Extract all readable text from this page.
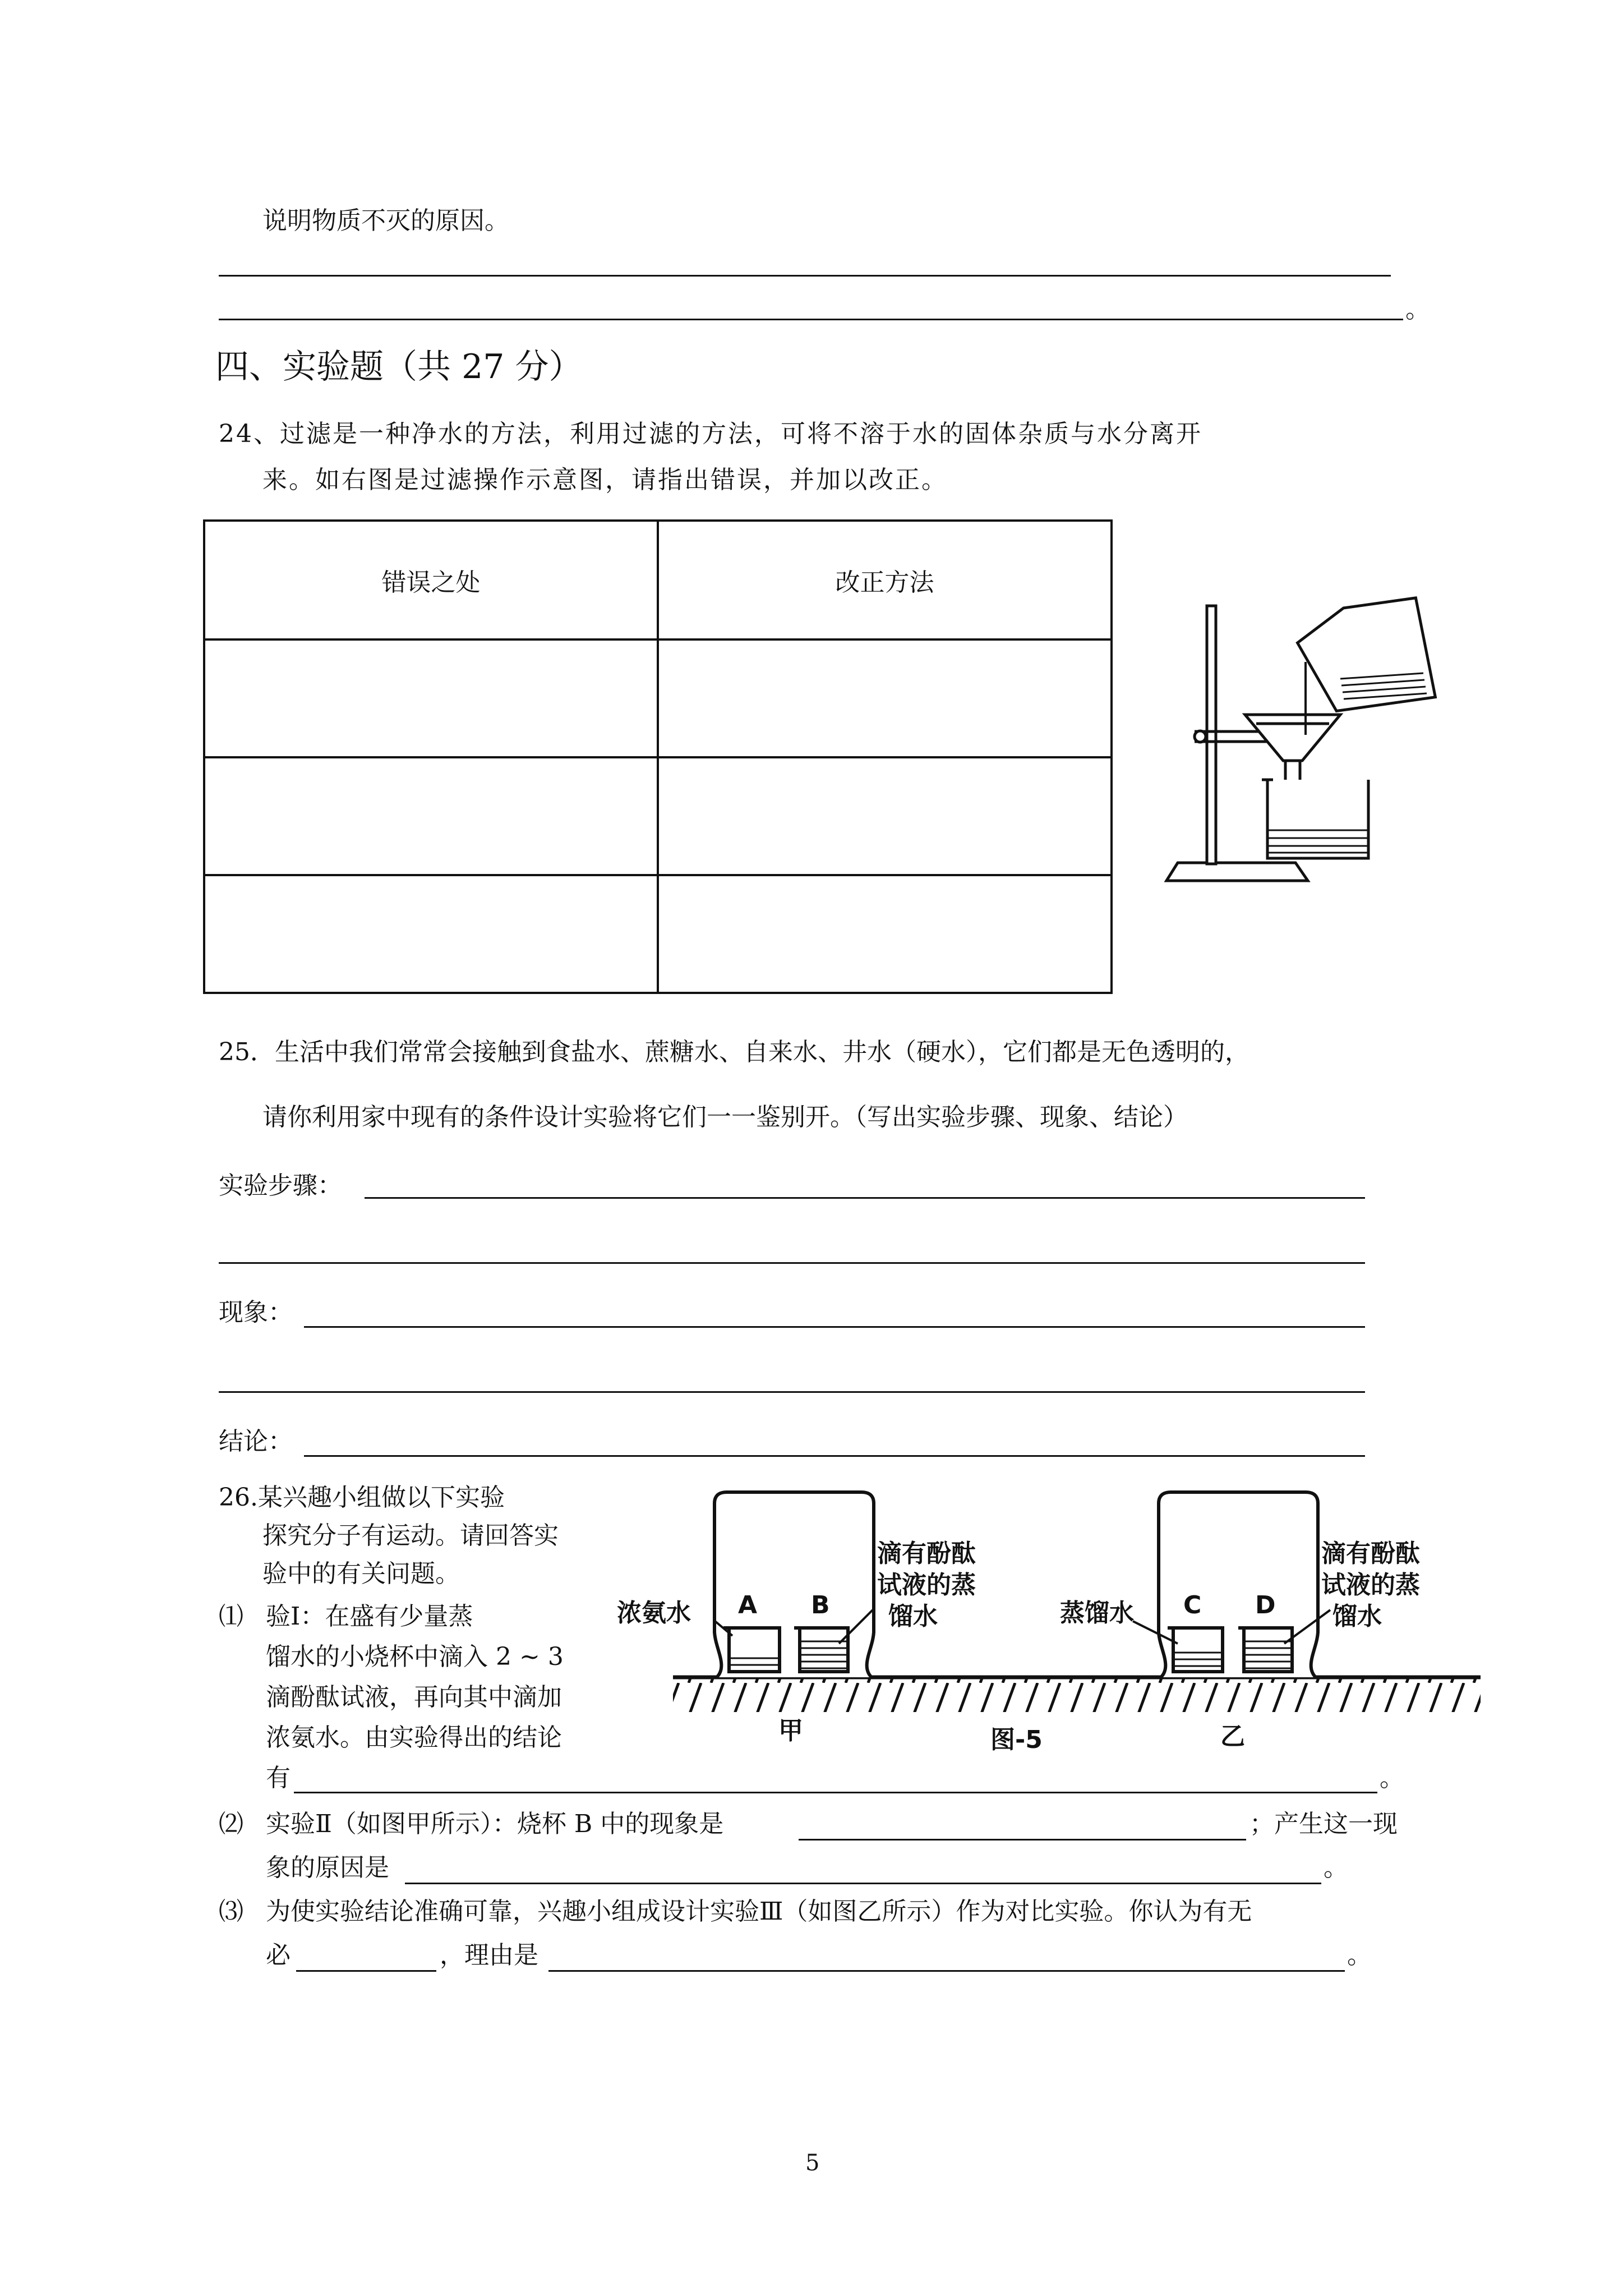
说明物质不灭的原因。
。
四、实验题（共 27 分）
24、过滤是一种净水的方法，利用过滤的方法，可将不溶于水的固体杂质与水分离开
来。如右图是过滤操作示意图，请指出错误，并加以改正。
错误之处	改正方法

25．生活中我们常常会接触到食盐水、蔗糖水、自来水、井水（硬水），它们都是无色透明的，
请你利用家中现有的条件设计实验将它们一一鉴别开。（写出实验步骤、现象、结论）
实验步骤：
现象：
结论：
26.某兴趣小组做以下实验
探究分子有运动。请回答实
验中的有关问题。
⑴ 验Ⅰ：在盛有少量蒸
馏水的小烧杯中滴入 2 ~ 3
滴酚酞试液，再向其中滴加
浓氨水。由实验得出的结论
有	。
⑵ 实验Ⅱ（如图甲所示）：烧杯 B 中的现象是	；产生这一现
象的原因是	。
⑶ 为使实验结论准确可靠，兴趣小组成设计实验Ⅲ（如图乙所示）作为对比实验。你认为有无
必	，理由是	。
浓氨水 A B
滴有酚酞
试液的蒸
馏水	蒸馏水 C D
滴有酚酞
试液的蒸
馏水
甲	乙
图-5
5
